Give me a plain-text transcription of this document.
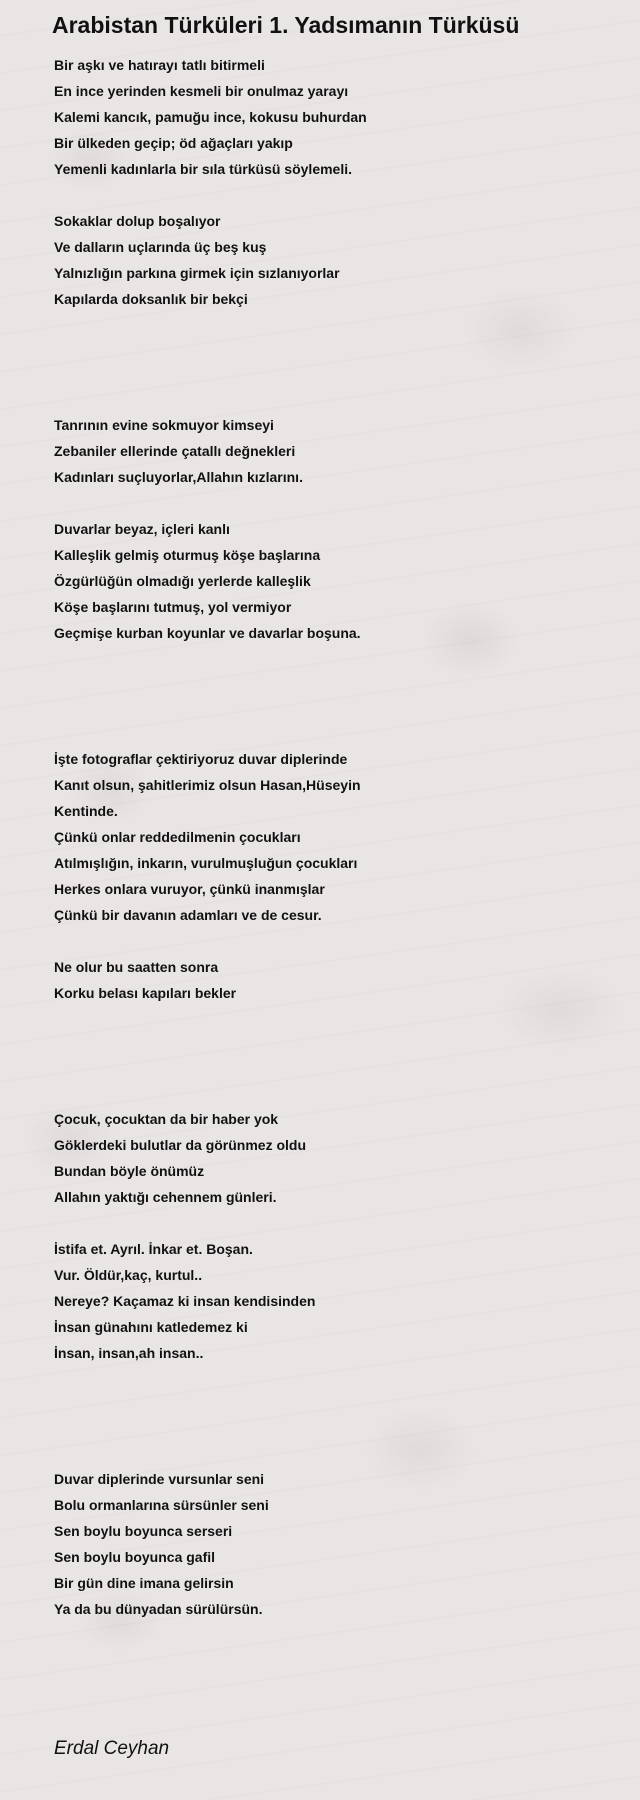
Arabistan Türküleri 1. Yadsımanın Türküsü
Bir aşkı ve hatırayı tatlı bitirmeli
En ince yerinden kesmeli bir onulmaz yarayı
Kalemi kancık, pamuğu ince, kokusu buhurdan
Bir ülkeden geçip; öd ağaçları yakıp
Yemenli kadınlarla bir sıla türküsü söylemeli.
Sokaklar dolup boşalıyor
Ve dalların uçlarında üç beş kuş
Yalnızlığın parkına girmek için sızlanıyorlar
Kapılarda doksanlık bir bekçi
Tanrının evine sokmuyor kimseyi
Zebaniler ellerinde çatallı değnekleri
Kadınları suçluyorlar,Allahın kızlarını.
Duvarlar beyaz, içleri kanlı
Kalleşlik gelmiş oturmuş köşe başlarına
Özgürlüğün olmadığı yerlerde kalleşlik
Köşe başlarını tutmuş, yol vermiyor
Geçmişe kurban koyunlar ve davarlar boşuna.
İşte fotograflar çektiriyoruz duvar diplerinde
Kanıt olsun, şahitlerimiz olsun Hasan,Hüseyin
Kentinde.
Çünkü onlar reddedilmenin çocukları
Atılmışlığın, inkarın, vurulmuşluğun çocukları
Herkes onlara vuruyor, çünkü inanmışlar
Çünkü bir davanın adamları ve de cesur.
Ne olur bu saatten sonra
Korku belası kapıları bekler
Çocuk, çocuktan da bir haber yok
Göklerdeki bulutlar da görünmez oldu
Bundan böyle önümüz
Allahın yaktığı cehennem günleri.
İstifa et. Ayrıl. İnkar et. Boşan.
Vur. Öldür,kaç, kurtul..
Nereye? Kaçamaz ki insan kendisinden
İnsan günahını katledemez ki
İnsan, insan,ah insan..
Duvar diplerinde vursunlar seni
Bolu ormanlarına sürsünler seni
Sen boylu boyunca serseri
Sen boylu boyunca gafil
Bir gün dine imana gelirsin
Ya da bu dünyadan sürülürsün.
Erdal Ceyhan
